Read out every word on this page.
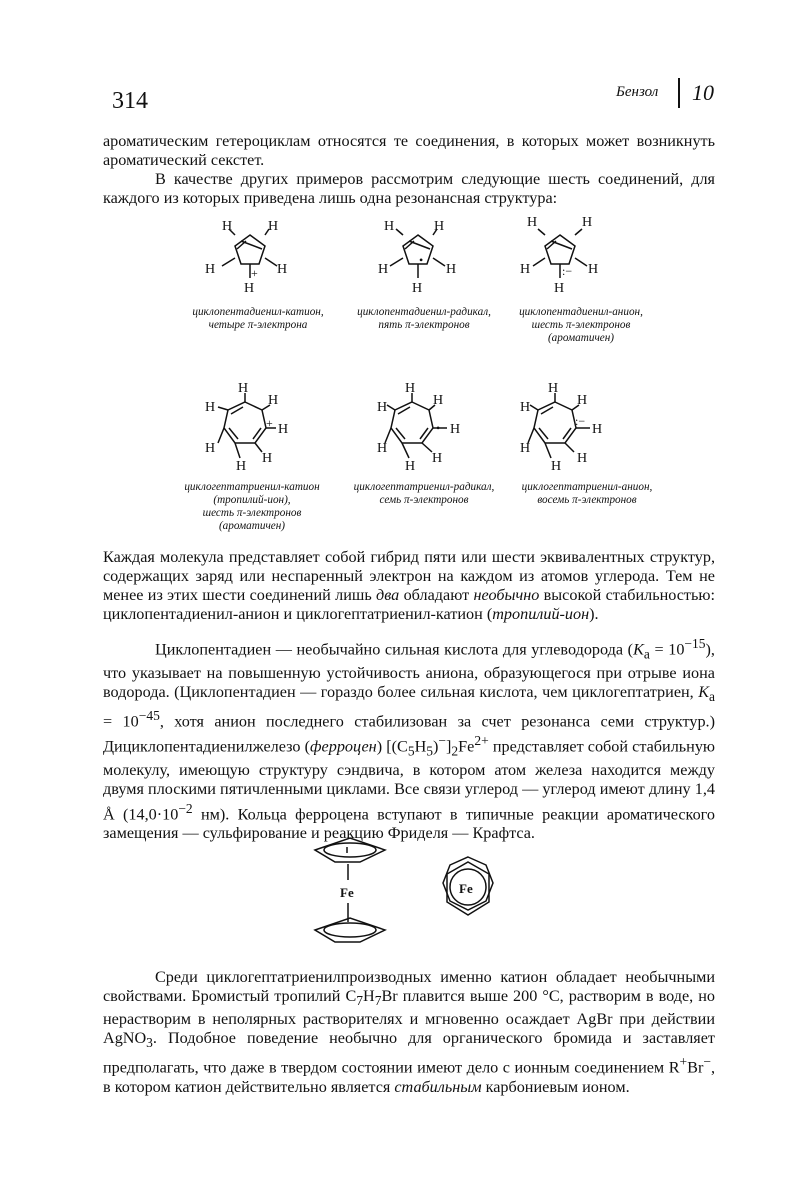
314	Бензол 10

ароматическим гетероциклам относятся те соединения, в которых может возникнуть ароматический секстет.

В качестве других примеров рассмотрим следующие шесть соединений, для каждого из которых приведена лишь одна резонансная структура:

H	H
H	H
H
+
H	H
H	H
H
•
H	H
H	H
H
:−
H
H
H
H
H
H
H
+
H
H
H
H
H
H
H
•
H
H
H
H
H
H
H
:−
Fe	Fe
циклопентадиенил-катион,
четыре π-электрона
циклопентадиенил-радикал,
пять π-электронов
циклопентадиенил-анион,
шесть π-электронов
(ароматичен)
циклогептатриенил-катион
(тропилий-ион),
шесть π-электронов
(ароматичен)
циклогептатриенил-радикал,
семь π-электронов
циклогептатриенил-анион,
восемь π-электронов

Каждая молекула представляет собой гибрид пяти или шести эквивалентных структур, содержащих заряд или неспаренный электрон на каждом из атомов углерода. Тем не менее из этих шести соединений лишь два обладают необычно высокой стабильностью: циклопентадиенил-анион и циклогептатриенил-катион (тропилий-ион).

Циклопентадиен — необычайно сильная кислота для углеводорода $(K_a = 10^{-15})$, что указывает на повышенную устойчивость аниона, образующегося при отрыве иона водорода. (Циклопентадиен — гораздо более сильная кислота, чем циклогептатриен, $K_a = 10^{-45}$, хотя анион последнего стабилизован за счет резонанса семи структур.) Дициклопентадиенилжелезо (ферроцен) $[(C_5H_5)^-]_2Fe^{2+}$ представляет собой стабильную молекулу, имеющую структуру сэндвича, в котором атом железа находится между двумя плоскими пятичленными циклами. Все связи углерод — углерод имеют длину 1,4 Å ($14,0\cdot 10^{-2}$ нм). Кольца ферроцена вступают в типичные реакции ароматического замещения — сульфирование и реакцию Фриделя — Крафтса.

Среди циклогептатриенилпроизводных именно катион обладает необычными свойствами. Бромистый тропилий $C_7H_7Br$ плавится выше 200 °C, растворим в воде, но нерастворим в неполярных растворителях и мгновенно осаждает AgBr при действии AgNO$_3$. Подобное поведение необычно для органического бромида и заставляет предполагать, что даже в твердом состоянии имеют дело с ионным соединением R+Br−, в котором катион действительно является стабильным карбониевым ионом.
